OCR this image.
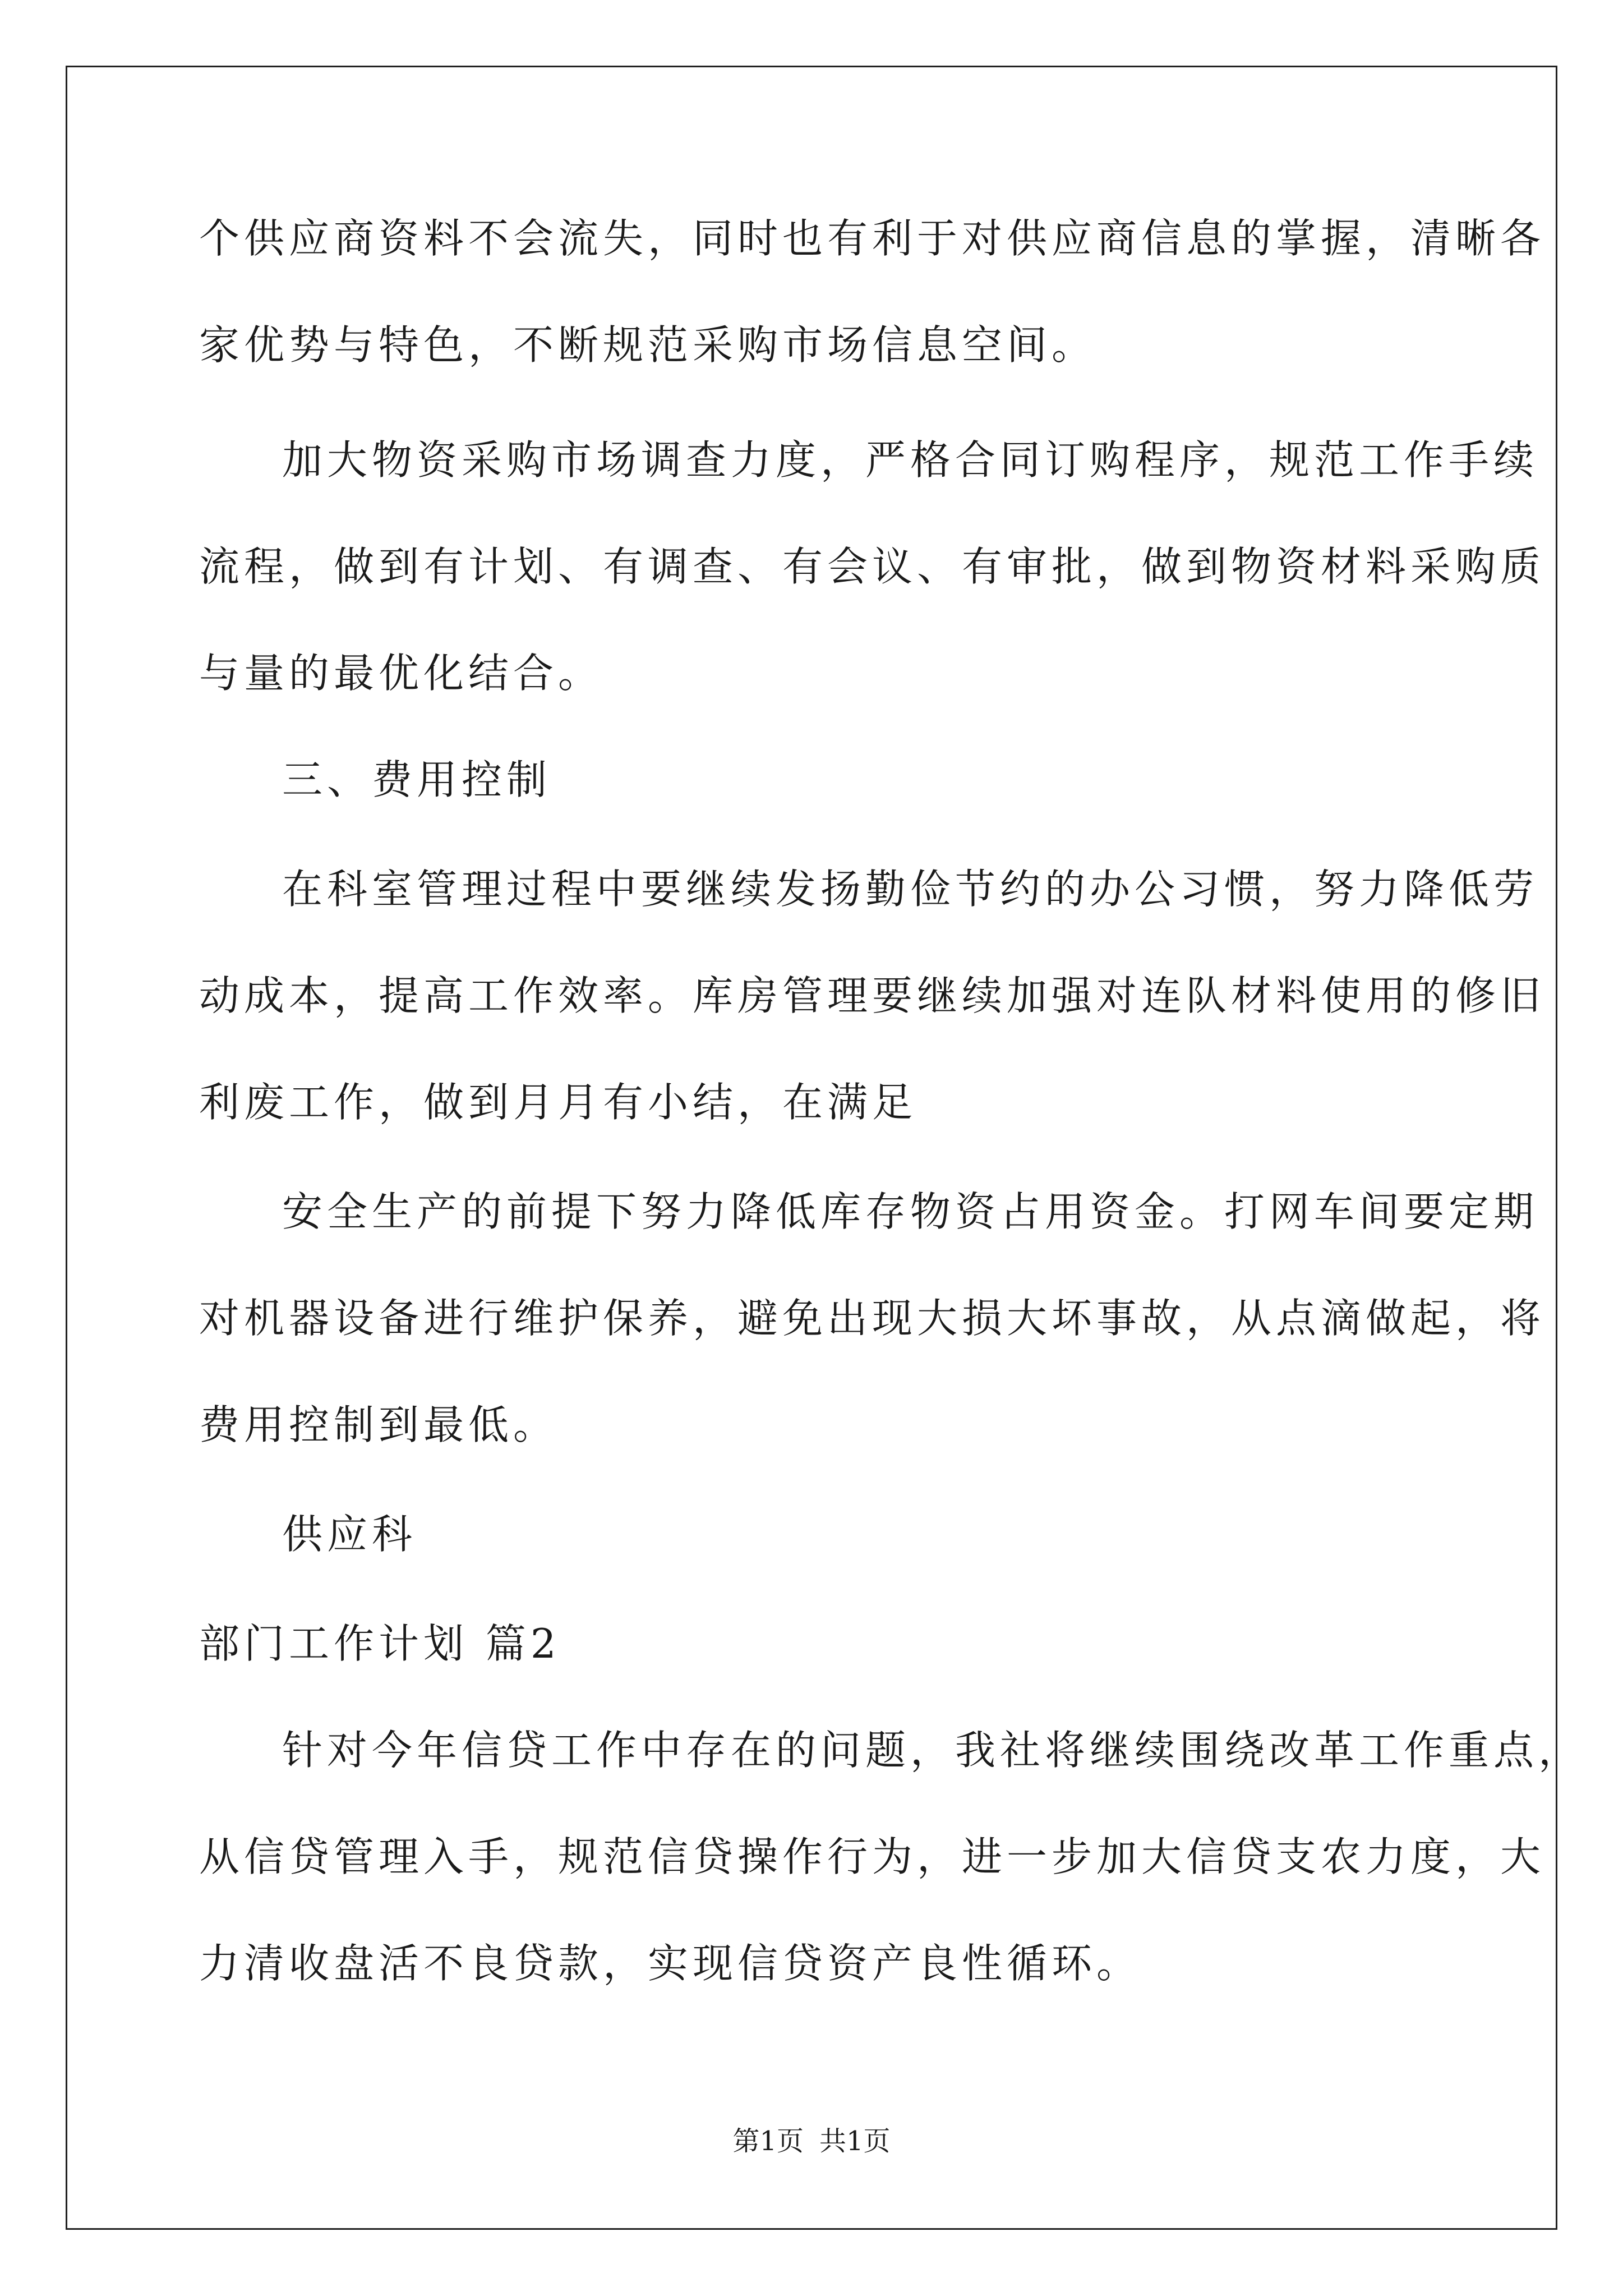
个供应商资料不会流失，同时也有利于对供应商信息的掌握，清晰各
家优势与特色，不断规范采购市场信息空间。
加大物资采购市场调查力度，严格合同订购程序，规范工作手续
流程，做到有计划、有调查、有会议、有审批，做到物资材料采购质
与量的最优化结合。
三、费用控制
在科室管理过程中要继续发扬勤俭节约的办公习惯，努力降低劳
动成本，提高工作效率。库房管理要继续加强对连队材料使用的修旧
利废工作，做到月月有小结，在满足
安全生产的前提下努力降低库存物资占用资金。打网车间要定期
对机器设备进行维护保养，避免出现大损大坏事故，从点滴做起，将
费用控制到最低。
供应科
部门工作计划 篇2
针对今年信贷工作中存在的问题，我社将继续围绕改革工作重点，
从信贷管理入手，规范信贷操作行为，进一步加大信贷支农力度，大
力清收盘活不良贷款，实现信贷资产良性循环。
第1页 共1页
